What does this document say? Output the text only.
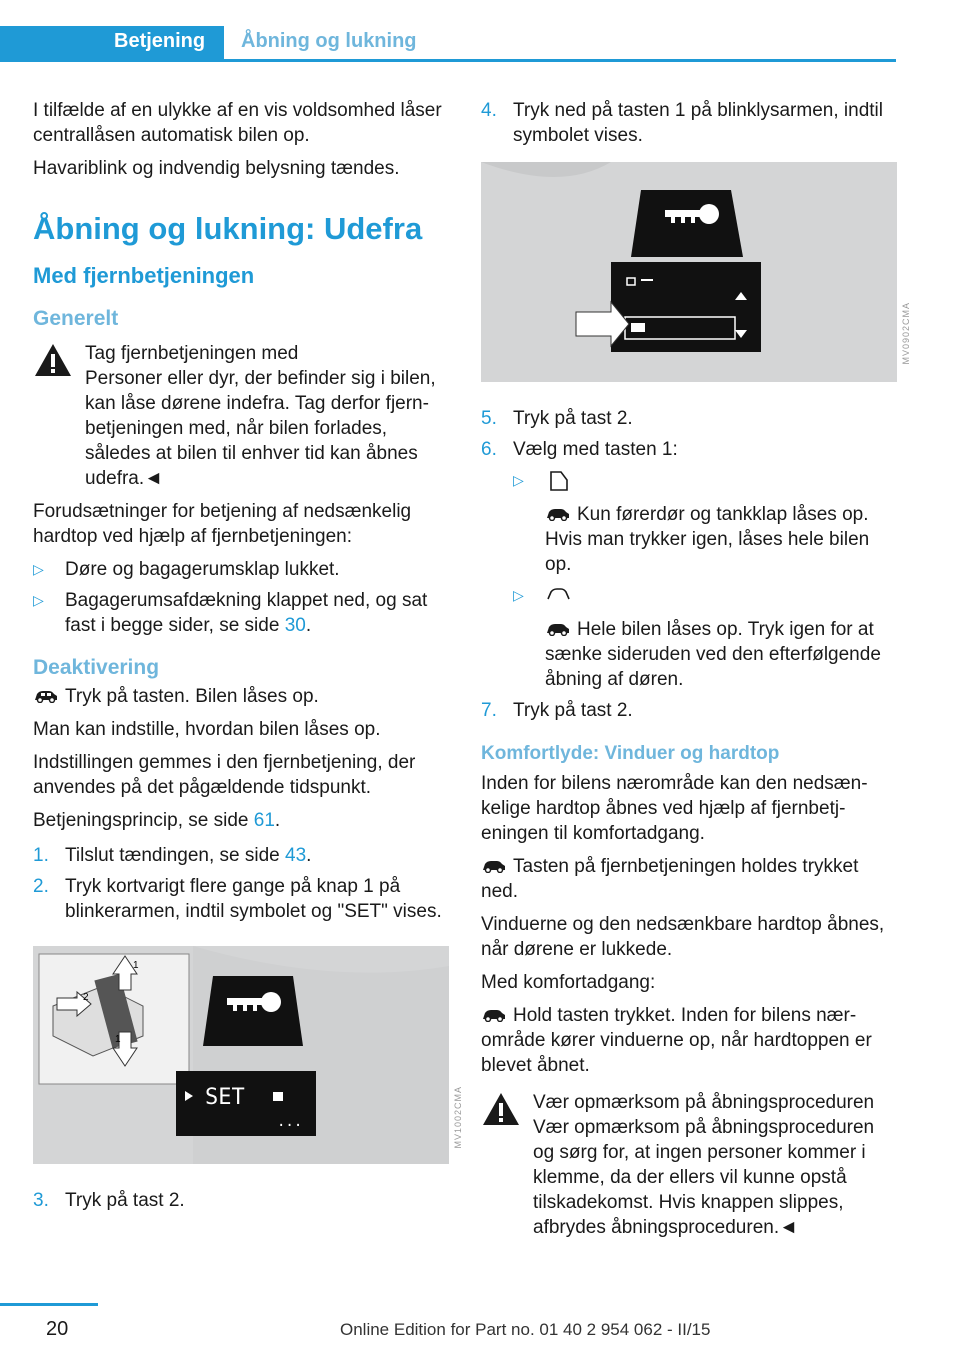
Betjening	Åbning og lukning

I tilfælde af en ulykke af en vis voldsomhed låser centrallåsen automatisk bilen op.

Havariblink og indvendig belysning tændes.

Åbning og lukning: Udefra
Med fjernbetjeningen
Generelt
Tag fjernbetjeningen med
Personer eller dyr, der befinder sig i bilen, kan låse dørene indefra. Tag derfor fjernbetjeningen med, når bilen forlades, således at bilen til enhver tid kan åbnes udefra.◄

Forudsætninger for betjening af nedsænkelig hardtop ved hjælp af fjernbetjeningen:

▷ Døre og bagagerumsklap lukket.
▷ Bagagerumsafdækning klappet ned, og sat fast i begge sider, se side 30.
Deaktivering

Tryk på tasten. Bilen låses op.

Man kan indstille, hvordan bilen låses op.

Indstillingen gemmes i den fjernbetjening, der anvendes på det pågældende tidspunkt.

Betjeningsprincip, se side 61.

1. Tilslut tændingen, se side 43.
2. Tryk kortvarigt flere gange på knap 1 på blinkerarmen, indtil symbolet og "SET" vises.
1
2
1
SET
...	MV1002CMA
3. Tryk på tast 2.
4. Tryk ned på tasten 1 på blinklysarmen, indtil symbolet vises.
MV0902CMA
5. Tryk på tast 2.
6. Vælg med tasten 1:
▷
Kun førerdør og tankklap låses op. Hvis man trykker igen, låses hele bilen op.
▷
Hele bilen låses op. Tryk igen for at sænke sideruden ved den efterfølgende åbning af døren.
7. Tryk på tast 2.
Komfortlyde: Vinduer og hardtop

Inden for bilens nærområde kan den nedsænkelige hardtop åbnes ved hjælp af fjernbetjeningen til komfortadgang.

Tasten på fjernbetjeningen holdes trykket ned.

Vinduerne og den nedsænkbare hardtop åbnes, når dørene er lukkede.

Med komfortadgang:

Hold tasten trykket. Inden for bilens nærområde kører vinduerne op, når hardtoppen er blevet åbnet.

Vær opmærksom på åbningsproceduren
Vær opmærksom på åbningsproceduren og sørg for, at ingen personer kommer i klemme, da der ellers vil kunne opstå tilskadekomst. Hvis knappen slippes, afbrydes åbningsproceduren.◄
20	Online Edition for Part no. 01 40 2 954 062 - II/15
